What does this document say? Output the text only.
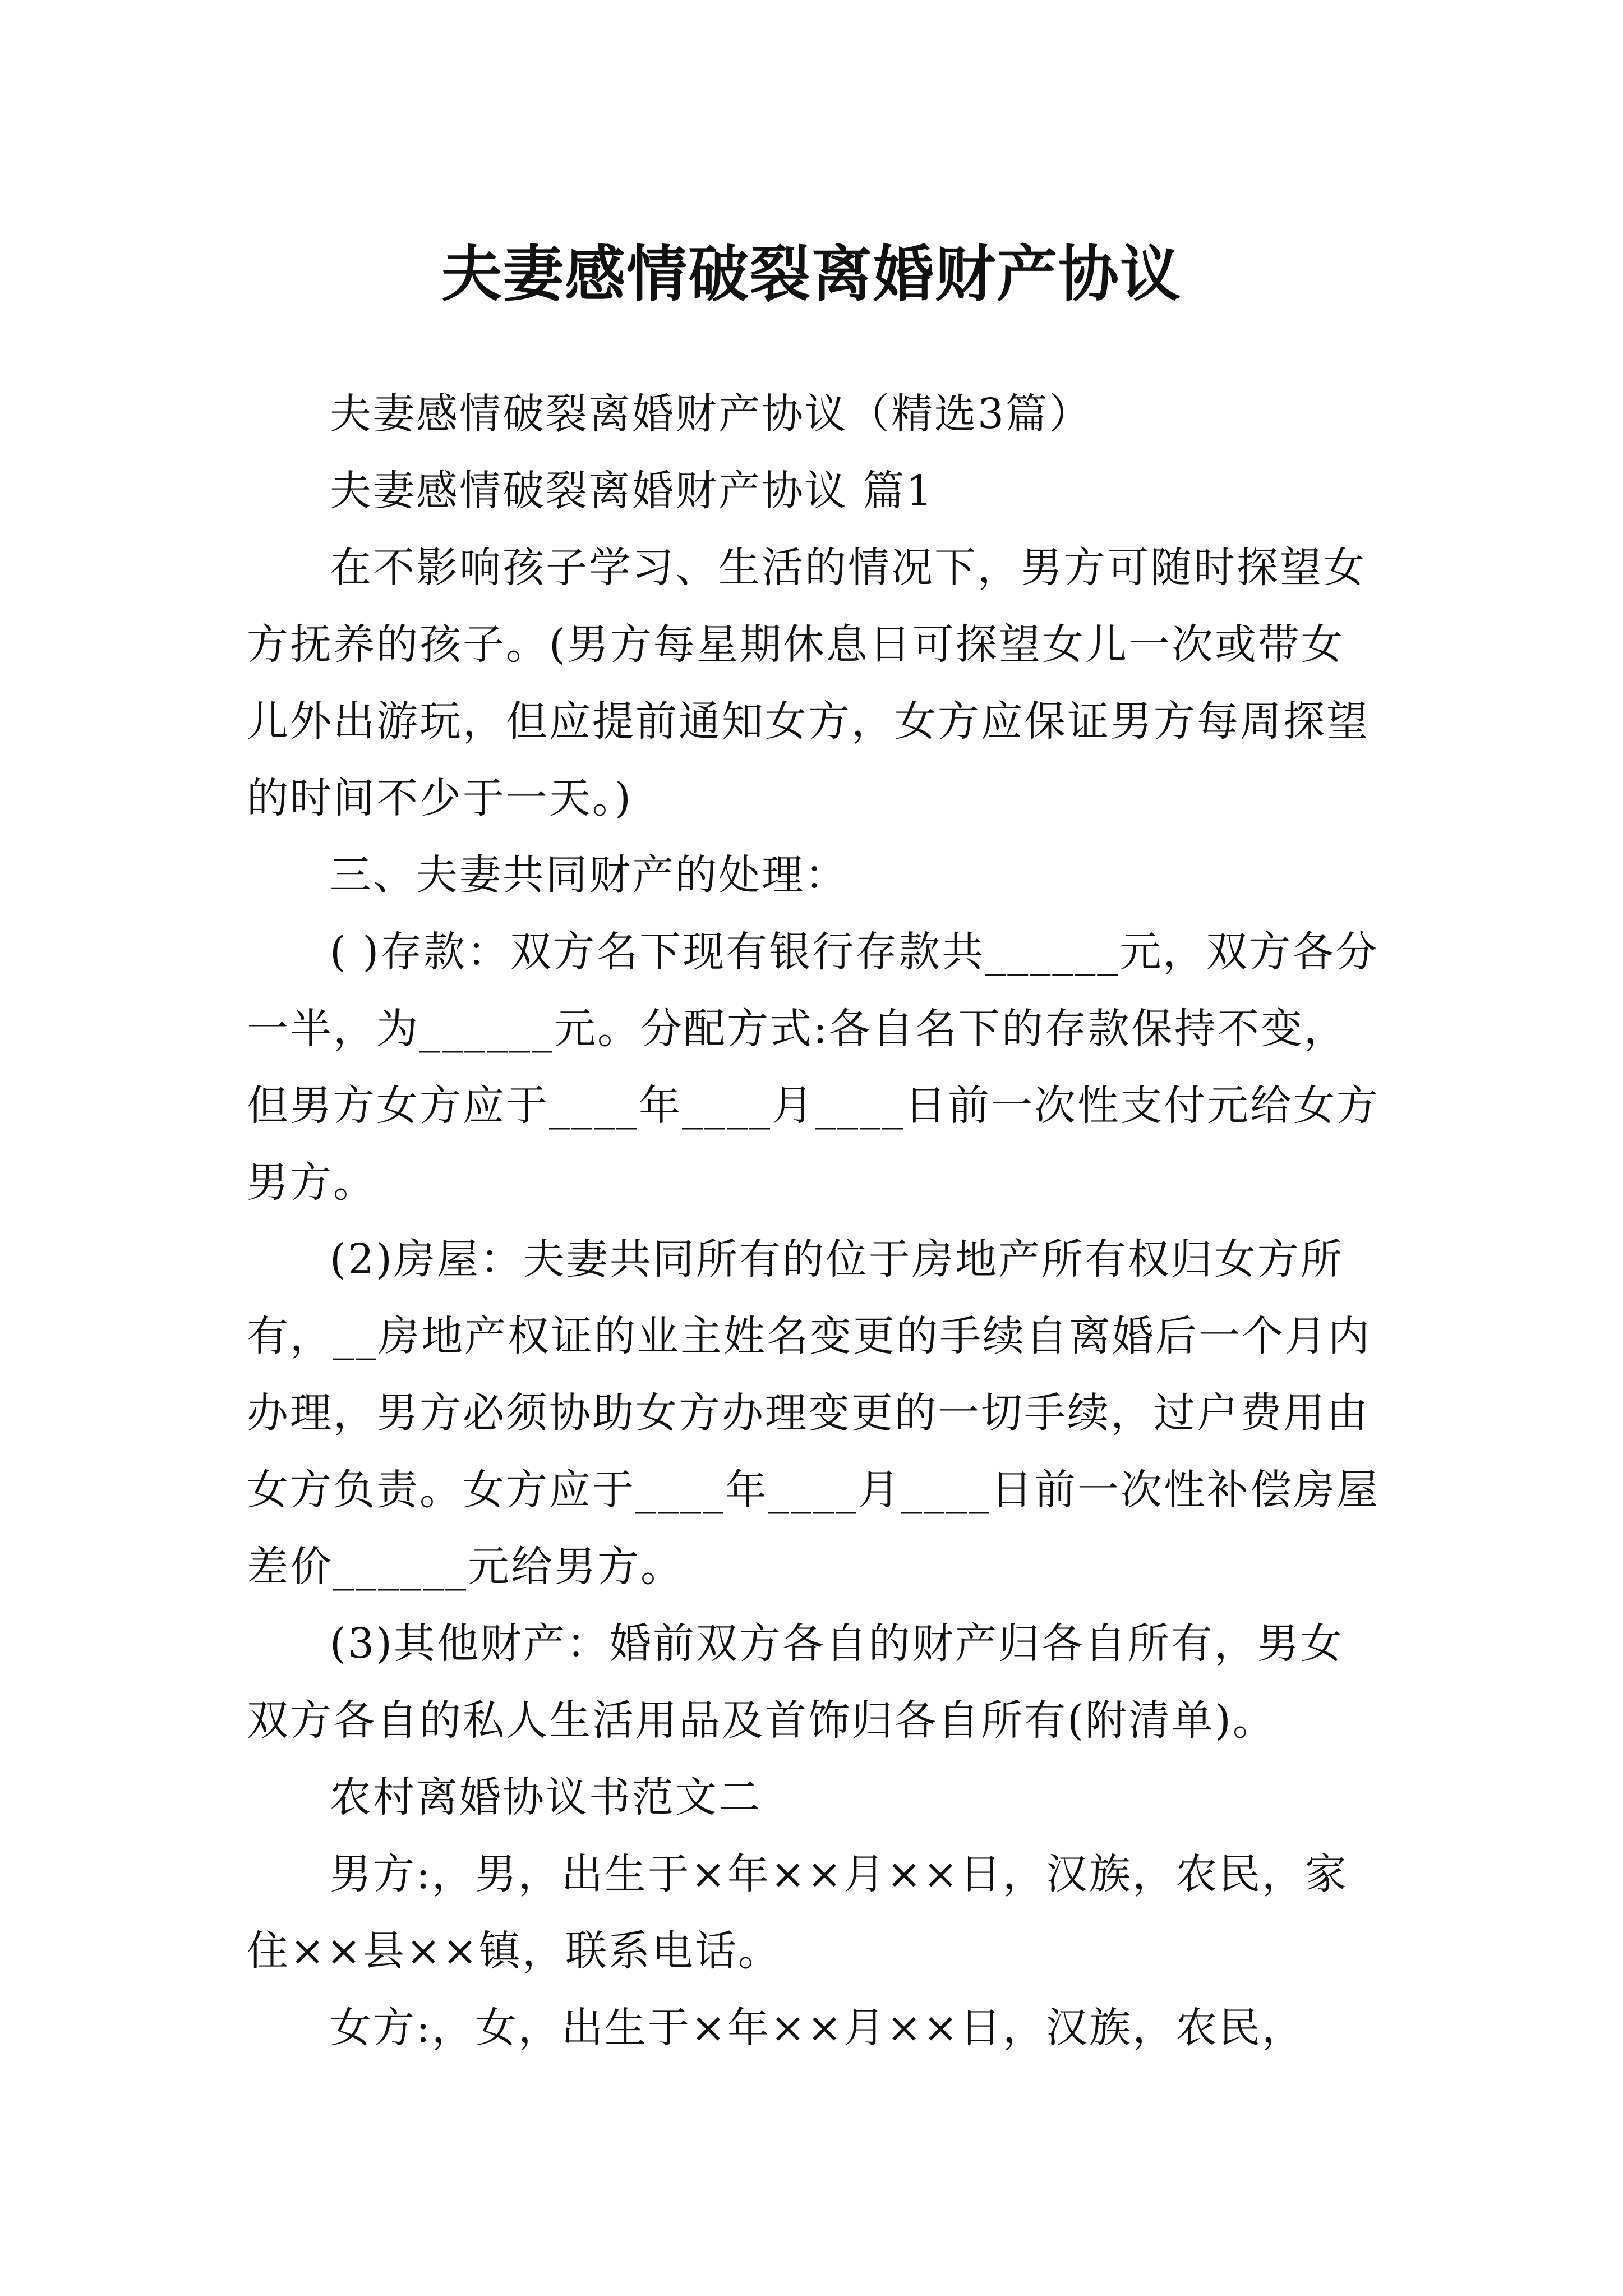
夫妻感情破裂离婚财产协议

夫妻感情破裂离婚财产协议（精选3篇）

夫妻感情破裂离婚财产协议 篇1

在不影响孩子学习、生活的情况下，男方可随时探望女方抚养的孩子。(男方每星期休息日可探望女儿一次或带女儿外出游玩，但应提前通知女方，女方应保证男方每周探望的时间不少于一天。)

三、夫妻共同财产的处理：

( )存款：双方名下现有银行存款共______元，双方各分一半，为______元。分配方式:各自名下的存款保持不变，但男方女方应于____年____月____日前一次性支付元给女方男方。

(2)房屋：夫妻共同所有的位于房地产所有权归女方所有，__房地产权证的业主姓名变更的手续自离婚后一个月内办理，男方必须协助女方办理变更的一切手续，过户费用由女方负责。女方应于____年____月____日前一次性补偿房屋差价______元给男方。

(3)其他财产：婚前双方各自的财产归各自所有，男女双方各自的私人生活用品及首饰归各自所有(附清单)。

农村离婚协议书范文二

男方:，男，出生于×年××月××日，汉族，农民，家住××县××镇，联系电话。

女方:，女，出生于×年××月××日，汉族，农民，
